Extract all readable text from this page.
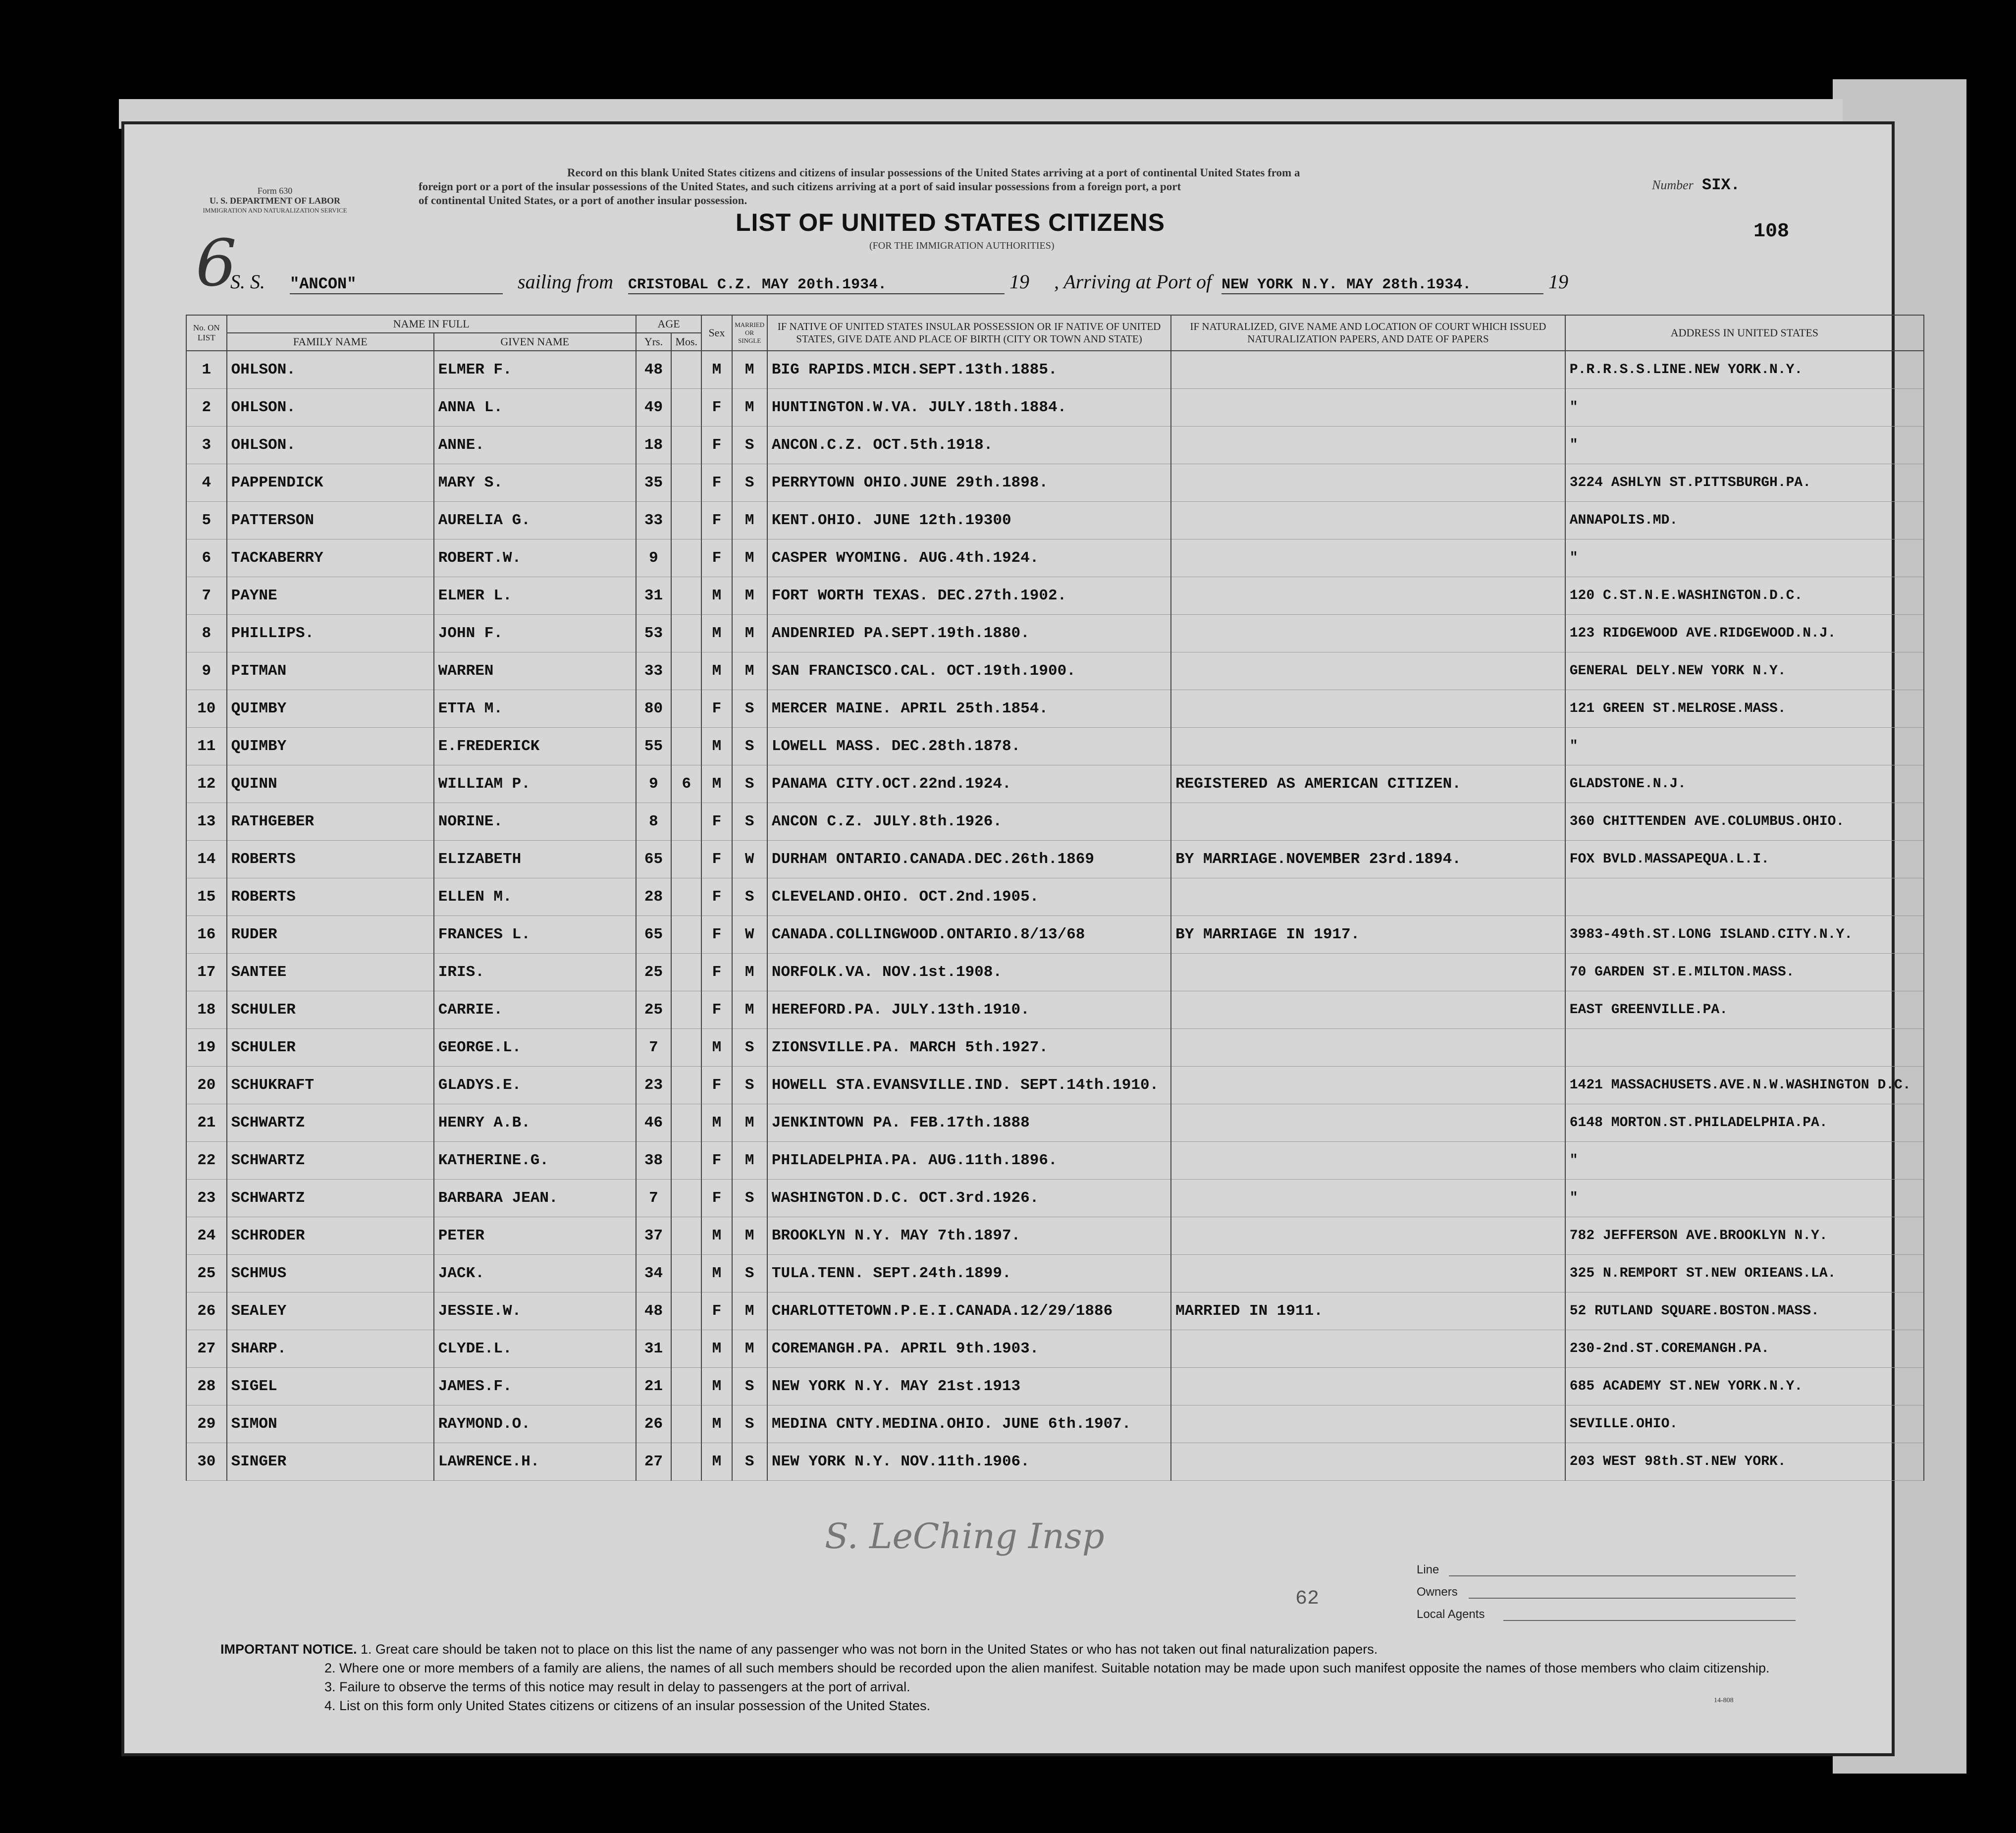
Form 630
U. S. DEPARTMENT OF LABOR
IMMIGRATION AND NATURALIZATION SERVICE
6
Record on this blank United States citizens and citizens of insular possessions of the United States arriving at a port of continental United States from a
foreign port or a port of the insular possessions of the United States, and such citizens arriving at a port of said insular possessions from a foreign port, a port
of continental United States, or a port of another insular possession.
Number SIX.
LIST OF UNITED STATES CITIZENS
(FOR THE IMMIGRATION AUTHORITIES)
108
S. S. "ANCON"	sailing from CRISTOBAL C.Z. MAY 20th.1934.	19 , Arriving at Port of NEW YORK N.Y. MAY 28th.1934.	19
No. ON LIST	NAME IN FULL		AGE		Sex	MARRIED OR SINGLE	IF NATIVE OF UNITED STATES INSULAR POSSESSION OR IF NATIVE OF UNITED STATES, GIVE DATE AND PLACE OF BIRTH (CITY OR TOWN AND STATE)	IF NATURALIZED, GIVE NAME AND LOCATION OF COURT WHICH ISSUED NATURALIZATION PAPERS, AND DATE OF PAPERS	ADDRESS IN UNITED STATES
	FAMILY NAME	GIVEN NAME	Yrs.	Mos.					
1	OHLSON.	ELMER F.	48		M	M	BIG RAPIDS.MICH.SEPT.13th.1885.		P.R.R.S.S.LINE.NEW YORK.N.Y.
2	OHLSON.	ANNA L.	49		F	M	HUNTINGTON.W.VA. JULY.18th.1884.		"
3	OHLSON.	ANNE.	18		F	S	ANCON.C.Z. OCT.5th.1918.		"
4	PAPPENDICK	MARY S.	35		F	S	PERRYTOWN OHIO.JUNE 29th.1898.		3224 ASHLYN ST.PITTSBURGH.PA.
5	PATTERSON	AURELIA G.	33		F	M	KENT.OHIO. JUNE 12th.19300		ANNAPOLIS.MD.
6	TACKABERRY	ROBERT.W.	9		F	M	CASPER WYOMING. AUG.4th.1924.		"
7	PAYNE	ELMER L.	31		M	M	FORT WORTH TEXAS. DEC.27th.1902.		120 C.ST.N.E.WASHINGTON.D.C.
8	PHILLIPS.	JOHN F.	53		M	M	ANDENRIED PA.SEPT.19th.1880.		123 RIDGEWOOD AVE.RIDGEWOOD.N.J.
9	PITMAN	WARREN	33		M	M	SAN FRANCISCO.CAL. OCT.19th.1900.		GENERAL DELY.NEW YORK N.Y.
10	QUIMBY	ETTA M.	80		F	S	MERCER MAINE. APRIL 25th.1854.		121 GREEN ST.MELROSE.MASS.
11	QUIMBY	E.FREDERICK	55		M	S	LOWELL MASS. DEC.28th.1878.		"
12	QUINN	WILLIAM P.	9	6	M	S	PANAMA CITY.OCT.22nd.1924.	REGISTERED AS AMERICAN CITIZEN.	GLADSTONE.N.J.
13	RATHGEBER	NORINE.	8		F	S	ANCON C.Z. JULY.8th.1926.		360 CHITTENDEN AVE.COLUMBUS.OHIO.
14	ROBERTS	ELIZABETH	65		F	W	DURHAM ONTARIO.CANADA.DEC.26th.1869	BY MARRIAGE.NOVEMBER 23rd.1894.	FOX BVLD.MASSAPEQUA.L.I.
15	ROBERTS	ELLEN M.	28		F	S	CLEVELAND.OHIO. OCT.2nd.1905.		
16	RUDER	FRANCES L.	65		F	W	CANADA.COLLINGWOOD.ONTARIO.8/13/68	BY MARRIAGE IN 1917.	3983-49th.ST.LONG ISLAND.CITY.N.Y.
17	SANTEE	IRIS.	25		F	M	NORFOLK.VA. NOV.1st.1908.		70 GARDEN ST.E.MILTON.MASS.
18	SCHULER	CARRIE.	25		F	M	HEREFORD.PA. JULY.13th.1910.		EAST GREENVILLE.PA.
19	SCHULER	GEORGE.L.	7		M	S	ZIONSVILLE.PA. MARCH 5th.1927.		
20	SCHUKRAFT	GLADYS.E.	23		F	S	HOWELL STA.EVANSVILLE.IND. SEPT.14th.1910.		1421 MASSACHUSETS.AVE.N.W.WASHINGTON D.C.
21	SCHWARTZ	HENRY A.B.	46		M	M	JENKINTOWN PA. FEB.17th.1888		6148 MORTON.ST.PHILADELPHIA.PA.
22	SCHWARTZ	KATHERINE.G.	38		F	M	PHILADELPHIA.PA. AUG.11th.1896.		"
23	SCHWARTZ	BARBARA JEAN.	7		F	S	WASHINGTON.D.C. OCT.3rd.1926.		"
24	SCHRODER	PETER	37		M	M	BROOKLYN N.Y. MAY 7th.1897.		782 JEFFERSON AVE.BROOKLYN N.Y.
25	SCHMUS	JACK.	34		M	S	TULA.TENN. SEPT.24th.1899.		325 N.REMPORT ST.NEW ORIEANS.LA.
26	SEALEY	JESSIE.W.	48		F	M	CHARLOTTETOWN.P.E.I.CANADA.12/29/1886	MARRIED IN 1911.	52 RUTLAND SQUARE.BOSTON.MASS.
27	SHARP.	CLYDE.L.	31		M	M	COREMANGH.PA. APRIL 9th.1903.		230-2nd.ST.COREMANGH.PA.
28	SIGEL	JAMES.F.	21		M	S	NEW YORK N.Y. MAY 21st.1913		685 ACADEMY ST.NEW YORK.N.Y.
29	SIMON	RAYMOND.O.	26		M	S	MEDINA CNTY.MEDINA.OHIO. JUNE 6th.1907.		SEVILLE.OHIO.
30	SINGER	LAWRENCE.H.	27		M	S	NEW YORK N.Y. NOV.11th.1906.		203 WEST 98th.ST.NEW YORK.
S. LeChing Insp
62
Line
Owners
Local Agents
IMPORTANT NOTICE. 1. Great care should be taken not to place on this list the name of any passenger who was not born in the United States or who has not taken out final naturalization papers.
2. Where one or more members of a family are aliens, the names of all such members should be recorded upon the alien manifest. Suitable notation may be made upon such manifest opposite the names of those members who claim citizenship.
3. Failure to observe the terms of this notice may result in delay to passengers at the port of arrival.
4. List on this form only United States citizens or citizens of an insular possession of the United States.	14-808
